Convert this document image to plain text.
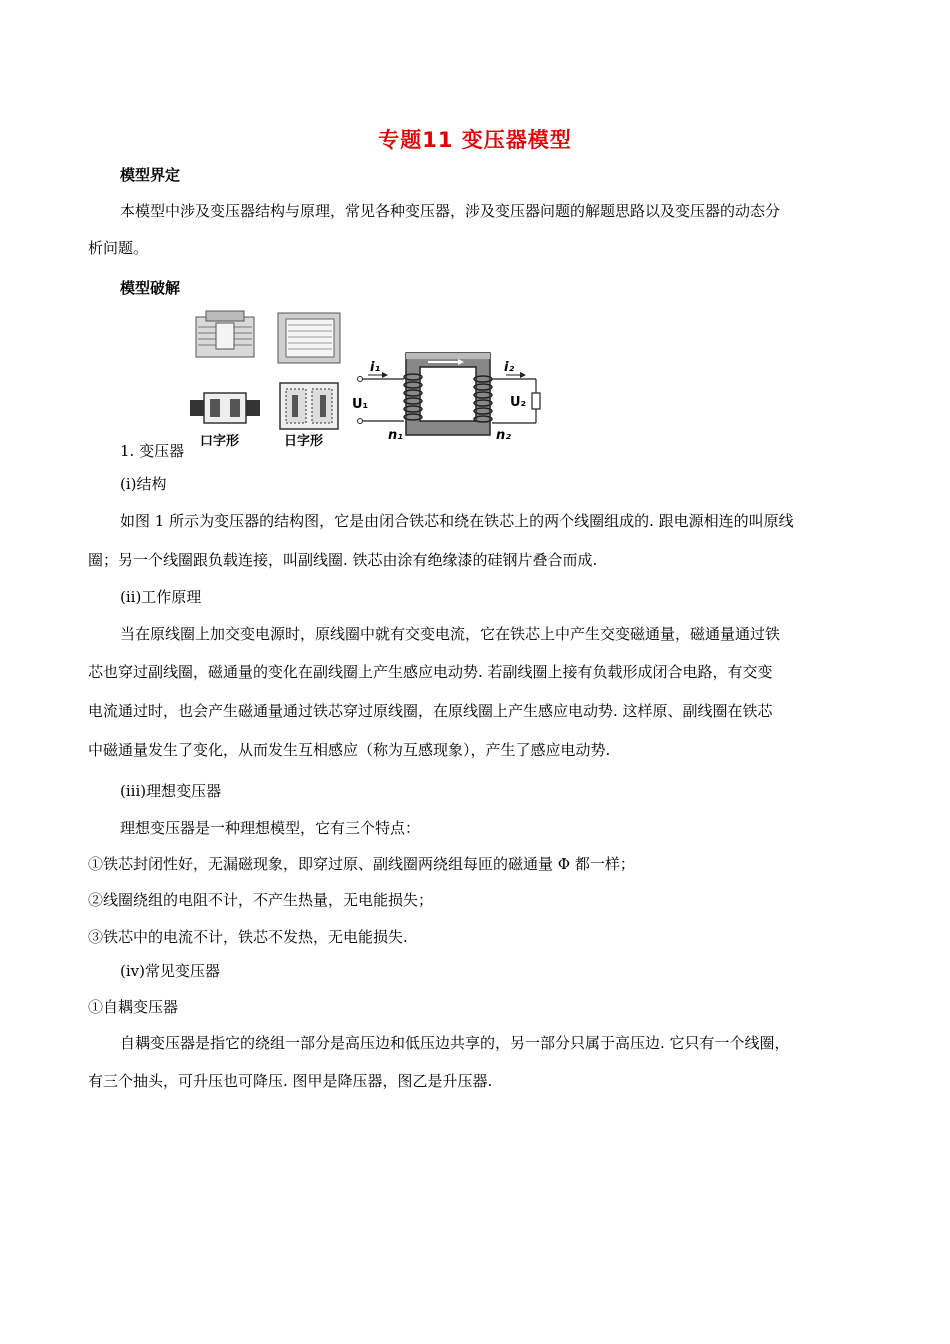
专题11 变压器模型
模型界定
本模型中涉及变压器结构与原理，常见各种变压器，涉及变压器问题的解题思路以及变压器的动态分
析问题。
模型破解
口字形	日字形
i₁	i₂
U₁	U₂
n₁	n₂
1. 变压器
(i)结构
如图 1 所示为变压器的结构图，它是由闭合铁芯和绕在铁芯上的两个线圈组成的. 跟电源相连的叫原线
圈；另一个线圈跟负载连接，叫副线圈. 铁芯由涂有绝缘漆的硅钢片叠合而成.
(ii)工作原理
当在原线圈上加交变电源时，原线圈中就有交变电流，它在铁芯上中产生交变磁通量，磁通量通过铁
芯也穿过副线圈，磁通量的变化在副线圈上产生感应电动势. 若副线圈上接有负载形成闭合电路，有交变
电流通过时，也会产生磁通量通过铁芯穿过原线圈，在原线圈上产生感应电动势. 这样原、副线圈在铁芯
中磁通量发生了变化，从而发生互相感应（称为互感现象），产生了感应电动势.
(iii)理想变压器
理想变压器是一种理想模型，它有三个特点：
①铁芯封闭性好，无漏磁现象，即穿过原、副线圈两绕组每匝的磁通量 Φ 都一样；
②线圈绕组的电阻不计，不产生热量，无电能损失；
③铁芯中的电流不计，铁芯不发热，无电能损失.
(iv)常见变压器
①自耦变压器
自耦变压器是指它的绕组一部分是高压边和低压边共享的，另一部分只属于高压边. 它只有一个线圈，
有三个抽头，可升压也可降压. 图甲是降压器，图乙是升压器.
